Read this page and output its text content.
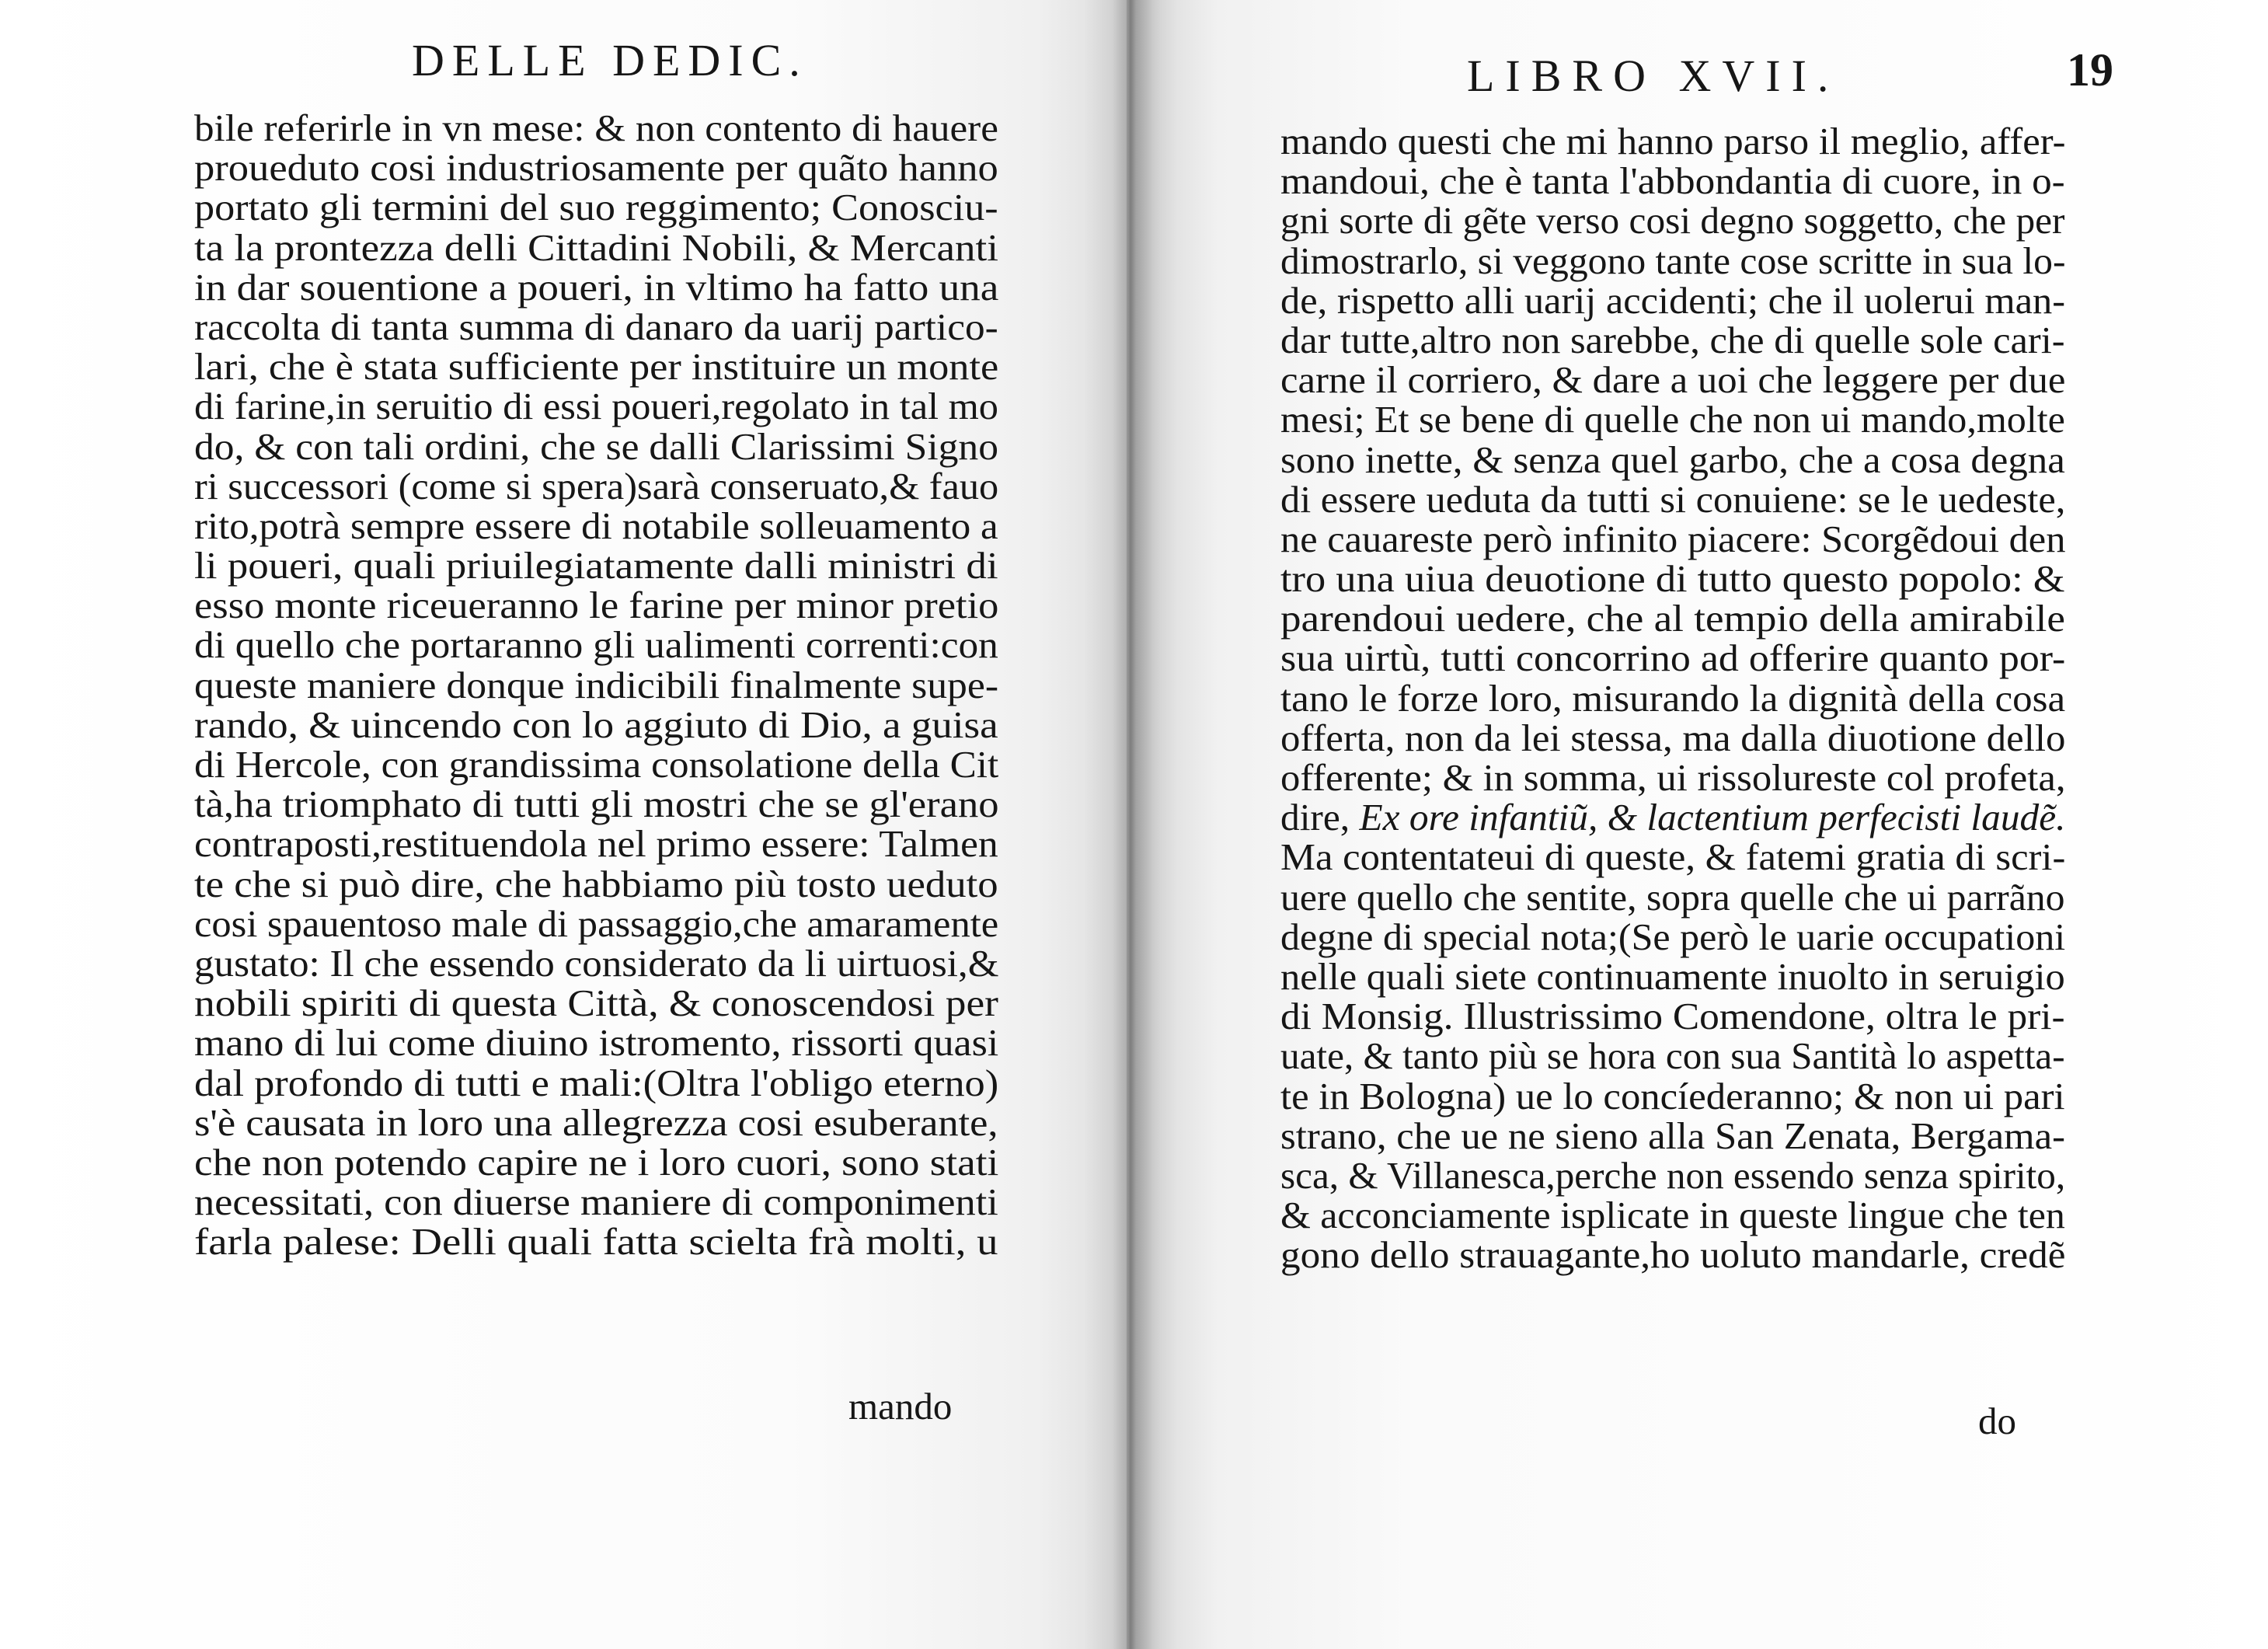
DELLE DEDIC.	LIBRO XVII.	19
bile referirle in vn mese: & non contento di hauere
proueduto cosi industriosamente per quãto hanno
portato gli termini del suo reggimento; Conosciu-
ta la prontezza delli Cittadini Nobili, & Mercanti
in dar souentione a poueri, in vltimo ha fatto una
raccolta di tanta summa di danaro da uarij partico-
lari, che è stata sufficiente per instituire un monte
di farine,in seruitio di essi poueri,regolato in tal mo
do, & con tali ordini, che se dalli Clarissimi Signo
ri successori (come si spera)sarà conseruato,& fauo
rito,potrà sempre essere di notabile solleuamento a
li poueri, quali priuilegiatamente dalli ministri di
esso monte riceueranno le farine per minor pretio
di quello che portaranno gli ualimenti correnti:con
queste maniere donque indicibili finalmente supe-
rando, & uincendo con lo aggiuto di Dio, a guisa
di Hercole, con grandissima consolatione della Cit
tà,ha triomphato di tutti gli mostri che se gl'erano
contraposti,restituendola nel primo essere: Talmen
te che si può dire, che habbiamo più tosto ueduto
cosi spauentoso male di passaggio,che amaramente
gustato: Il che essendo considerato da li uirtuosi,&
nobili spiriti di questa Città, & conoscendosi per
mano di lui come diuino istromento, rissorti quasi
dal profondo di tutti e mali:(Oltra l'obligo eterno)
s'è causata in loro una allegrezza cosi esuberante,
che non potendo capire ne i loro cuori, sono stati
necessitati, con diuerse maniere di componimenti
farla palese: Delli quali fatta scielta frà molti, u
mando
mando questi che mi hanno parso il meglio, affer-
mandoui, che è tanta l'abbondantia di cuore, in o-
gni sorte di gẽte verso cosi degno soggetto, che per
dimostrarlo, si veggono tante cose scritte in sua lo-
de, rispetto alli uarij accidenti; che il uolerui man-
dar tutte,altro non sarebbe, che di quelle sole cari-
carne il corriero, & dare a uoi che leggere per due
mesi; Et se bene di quelle che non ui mando,molte
sono inette, & senza quel garbo, che a cosa degna
di essere ueduta da tutti si conuiene: se le uedeste,
ne cauareste però infinito piacere: Scorgẽdoui den
tro una uiua deuotione di tutto questo popolo: &
parendoui uedere, che al tempio della amirabile
sua uirtù, tutti concorrino ad offerire quanto por-
tano le forze loro, misurando la dignità della cosa
offerta, non da lei stessa, ma dalla diuotione dello
offerente; & in somma, ui rissolureste col profeta,
dire, Ex ore infantiũ, & lactentium perfecisti laudẽ.
Ma contentateui di queste, & fatemi gratia di scri-
uere quello che sentite, sopra quelle che ui parrãno
degne di special nota;(Se però le uarie occupationi
nelle quali siete continuamente inuolto in seruigio
di Monsig. Illustrissimo Comendone, oltra le pri-
uate, & tanto più se hora con sua Santità lo aspetta-
te in Bologna) ue lo concíederanno; & non ui pari
strano, che ue ne sieno alla San Zenata, Bergama-
sca, & Villanesca,perche non essendo senza spirito,
& acconciamente isplicate in queste lingue che ten
gono dello strauagante,ho uoluto mandarle, credẽ
do
